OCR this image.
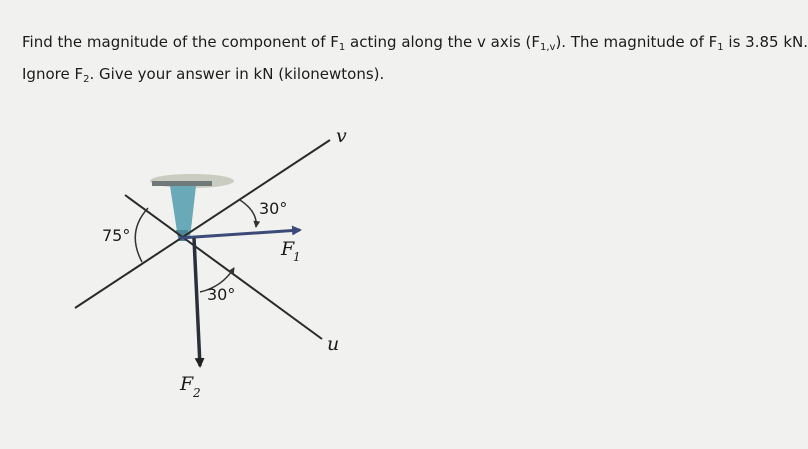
Find the magnitude of the component of $F_1$ acting along the v axis $(F_{1,v})$. The magnitude of $F_1$ is 3.85 kN.
Ignore $F_2$. Give your answer in kN (kilonewtons).
v
u
30°
30°
75°
F
1
F 2
